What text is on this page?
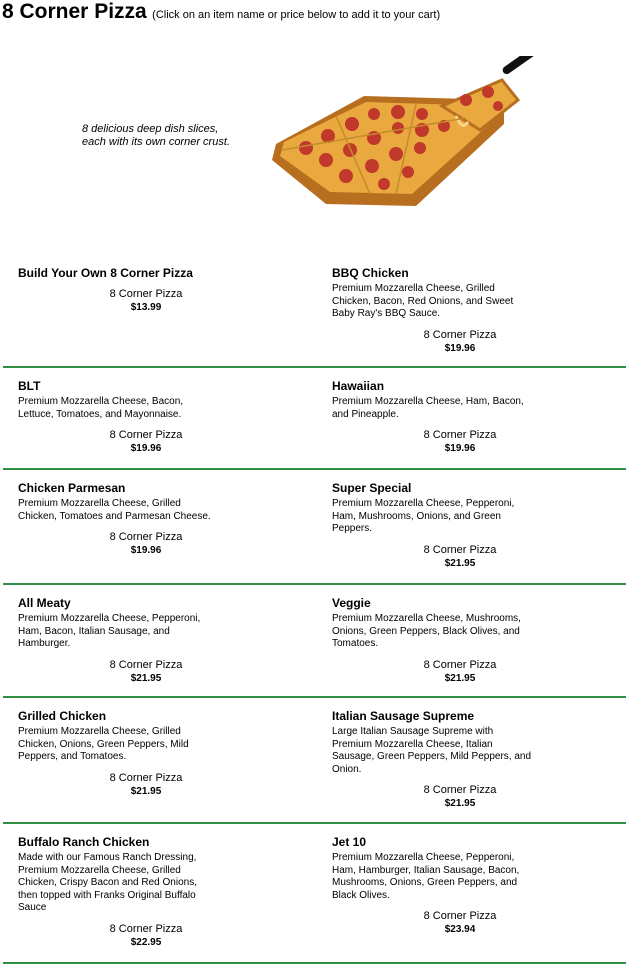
8 Corner Pizza (Click on an item name or price below to add it to your cart)
8 delicious deep dish slices,
each with its own corner crust.
Build Your Own 8 Corner Pizza
8 Corner Pizza
$13.99
BBQ Chicken
Premium Mozzarella Cheese, Grilled Chicken, Bacon, Red Onions, and Sweet Baby Ray's BBQ Sauce.
8 Corner Pizza
$19.96
BLT
Premium Mozzarella Cheese, Bacon, Lettuce, Tomatoes, and Mayonnaise.
8 Corner Pizza
$19.96
Hawaiian
Premium Mozzarella Cheese, Ham, Bacon, and Pineapple.
8 Corner Pizza
$19.96
Chicken Parmesan
Premium Mozzarella Cheese, Grilled Chicken, Tomatoes and Parmesan Cheese.
8 Corner Pizza
$19.96
Super Special
Premium Mozzarella Cheese, Pepperoni, Ham, Mushrooms, Onions, and Green Peppers.
8 Corner Pizza
$21.95
All Meaty
Premium Mozzarella Cheese, Pepperoni, Ham, Bacon, Italian Sausage, and Hamburger.
8 Corner Pizza
$21.95
Veggie
Premium Mozzarella Cheese, Mushrooms, Onions, Green Peppers, Black Olives, and Tomatoes.
8 Corner Pizza
$21.95
Grilled Chicken
Premium Mozzarella Cheese, Grilled Chicken, Onions, Green Peppers, Mild Peppers, and Tomatoes.
8 Corner Pizza
$21.95
Italian Sausage Supreme
Large Italian Sausage Supreme with Premium Mozzarella Cheese, Italian Sausage, Green Peppers, Mild Peppers, and Onion.
8 Corner Pizza
$21.95
Buffalo Ranch Chicken
Made with our Famous Ranch Dressing, Premium Mozzarella Cheese, Grilled Chicken, Crispy Bacon and Red Onions, then topped with Franks Original Buffalo Sauce
8 Corner Pizza
$22.95
Jet 10
Premium Mozzarella Cheese, Pepperoni, Ham, Hamburger, Italian Sausage, Bacon, Mushrooms, Onions, Green Peppers, and Black Olives.
8 Corner Pizza
$23.94
